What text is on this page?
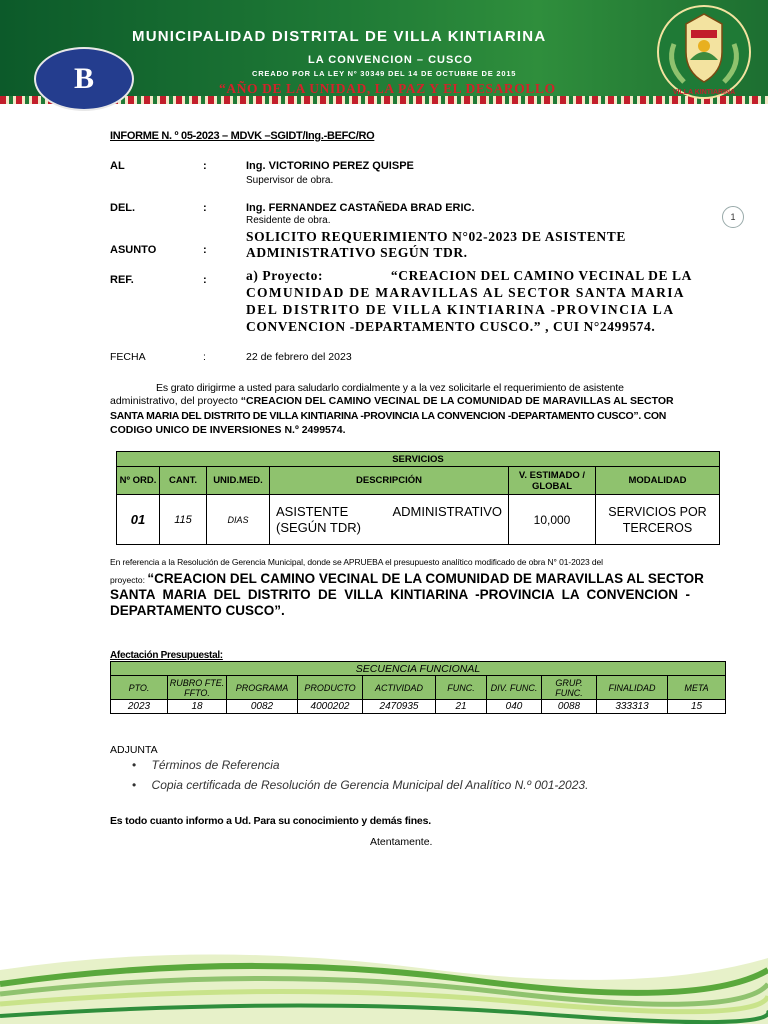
MUNICIPALIDAD DISTRITAL DE VILLA KINTIARINA
LA CONVENCION – CUSCO
CREADO POR LA LEY Nº 30349 DEL 14 DE OCTUBRE DE 2015
“AÑO DE LA UNIDAD, LA PAZ Y EL DESAROLLO
B	VILLA KINTIARINA
1
INFORME N. º 05-2023 – MDVK –SGIDT/Ing.-BEFC/RO
AL	:	Ing. VICTORINO PEREZ QUISPE
Supervisor de obra.
DEL.	:	Ing. FERNANDEZ CASTAÑEDA BRAD ERIC.
Residente de obra.
ASUNTO	:
SOLICITO REQUERIMIENTO N°02-2023 DE ASISTENTE
ADMINISTRATIVO SEGÚN TDR.
REF.	:	a) Proyecto:	“CREACION DEL CAMINO VECINAL DE LA
COMUNIDAD DE MARAVILLAS AL SECTOR SANTA MARIA
DEL DISTRITO DE VILLA KINTIARINA -PROVINCIA LA
CONVENCION -DEPARTAMENTO CUSCO.” , CUI N°2499574.
FECHA	:	22 de febrero del 2023
Es grato dirigirme a usted para saludarlo cordialmente y a la vez solicitarle el requerimiento de asistente
administrativo, del proyecto “CREACION DEL CAMINO VECINAL DE LA COMUNIDAD DE MARAVILLAS AL SECTOR
SANTA MARIA DEL DISTRITO DE VILLA KINTIARINA -PROVINCIA LA CONVENCION -DEPARTAMENTO CUSCO”. CON
CODIGO UNICO DE INVERSIONES N.º 2499574.
SERVICIOS					
Nº ORD.	CANT.	UNID.MED.	DESCRIPCIÓN	V. ESTIMADO / GLOBAL	MODALIDAD
01	115	DIAS	ASISTENTE ADMINISTRATIVO
(SEGÚN TDR)	10,000	SERVICIOS POR TERCEROS
En referencia a la Resolución de Gerencia Municipal, donde se APRUEBA el presupuesto analítico modificado de obra N° 01-2023 del
proyecto: “CREACION DEL CAMINO VECINAL DE LA COMUNIDAD DE MARAVILLAS AL SECTOR
SANTA MARIA DEL DISTRITO DE VILLA KINTIARINA -PROVINCIA LA CONVENCION -
DEPARTAMENTO CUSCO”.
Afectación Presupuestal:
SECUENCIA FUNCIONAL									
PTO.	RUBRO FTE. FFTO.	PROGRAMA	PRODUCTO	ACTIVIDAD	FUNC.	DIV. FUNC.	GRUP. FUNC.	FINALIDAD	META
2023	18	0082	4000202	2470935	21	040	0088	333313	15
ADJUNTA
• Términos de Referencia
• Copia certificada de Resolución de Gerencia Municipal del Analítico N.º 001-2023.
Es todo cuanto informo a Ud. Para su conocimiento y demás fines.
Atentamente.
